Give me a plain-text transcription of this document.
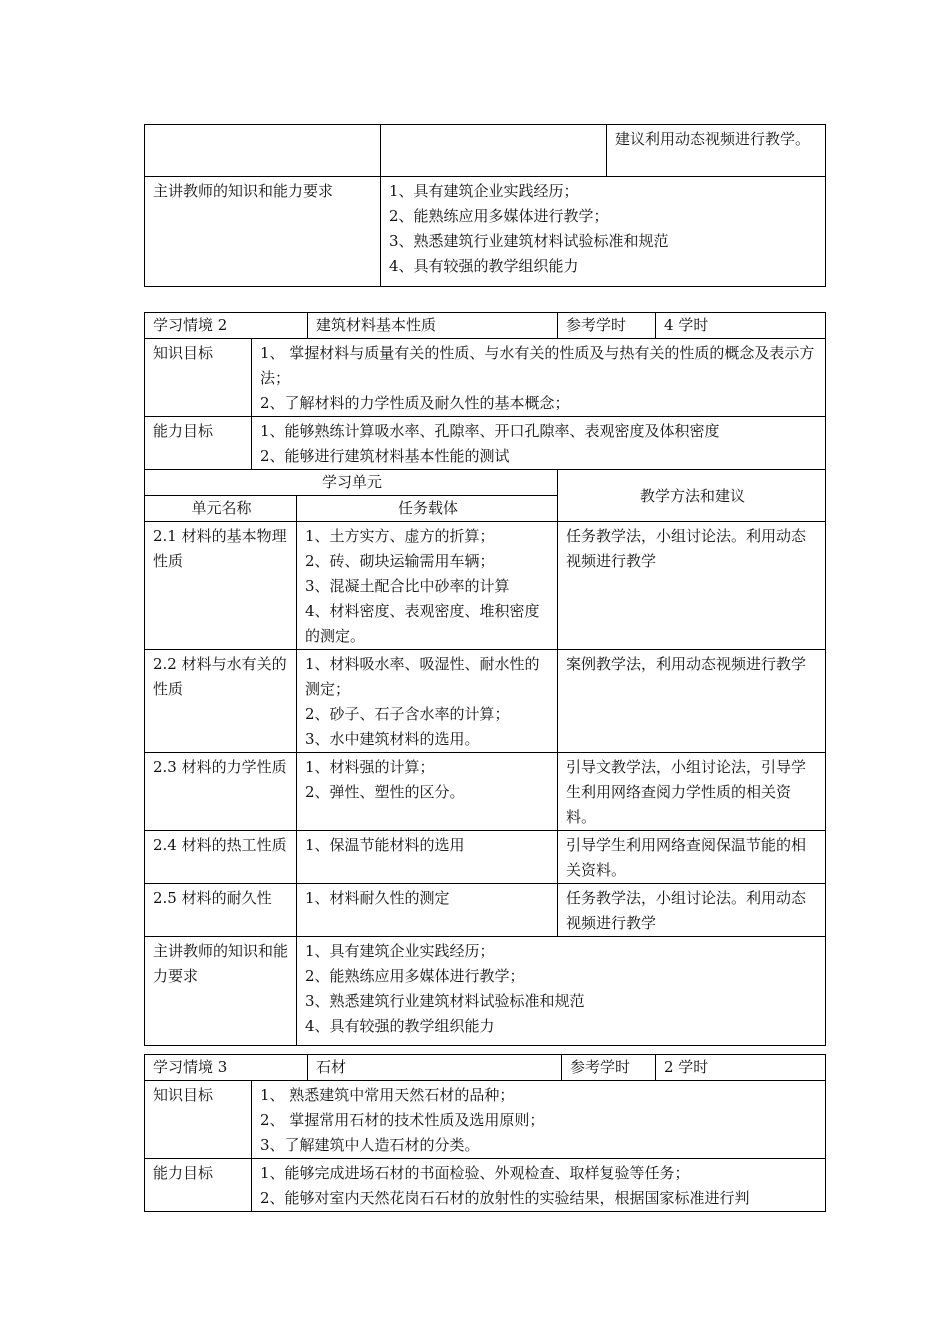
		建议利用动态视频进行教学。
主讲教师的知识和能力要求	1、具有建筑企业实践经历；
2、能熟练应用多媒体进行教学；
3、熟悉建筑行业建筑材料试验标准和规范
4、具有较强的教学组织能力	
学习情境 2			建筑材料基本性质	参考学时	4 学时
知识目标	1、 掌握材料与质量有关的性质、与水有关的性质及与热有关的性质的概念及表示方法；
2、了解材料的力学性质及耐久性的基本概念；				

能力目标	1、能够熟练计算吸水率、孔隙率、开口孔隙率、表观密度及体积密度
2、能够进行建筑材料基本性能的测试				

学习单元				教学方法和建议	
单元名称		任务载体			
2.1 材料的基本物理性质		1、土方实方、虚方的折算；
2、砖、砌块运输需用车辆；
3、混凝土配合比中砂率的计算
4、材料密度、表观密度、堆积密度的测定。		任务教学法，小组讨论法。利用动态视频进行教学	
2.2 材料与水有关的性质		1、材料吸水率、吸湿性、耐水性的测定；
2、砂子、石子含水率的计算；
3、水中建筑材料的选用。		案例教学法，利用动态视频进行教学	
2.3 材料的力学性质		1、材料强的计算；
2、弹性、塑性的区分。		引导文教学法，小组讨论法，引导学生利用网络查阅力学性质的相关资料。	
2.4 材料的热工性质		1、保温节能材料的选用		引导学生利用网络查阅保温节能的相关资料。	
2.5 材料的耐久性		1、材料耐久性的测定		任务教学法，小组讨论法。利用动态视频进行教学	
主讲教师的知识和能力要求		1、具有建筑企业实践经历；
2、能熟练应用多媒体进行教学；
3、熟悉建筑行业建筑材料试验标准和规范
4、具有较强的教学组织能力			
学习情境 3		石材	参考学时	2 学时
知识目标	1、 熟悉建筑中常用天然石材的品种；
2、 掌握常用石材的技术性质及选用原则；
3、了解建筑中人造石材的分类。			

能力目标	1、能够完成进场石材的书面检验、外观检查、取样复验等任务；
2、能够对室内天然花岗石石材的放射性的实验结果，根据国家标准进行判			
